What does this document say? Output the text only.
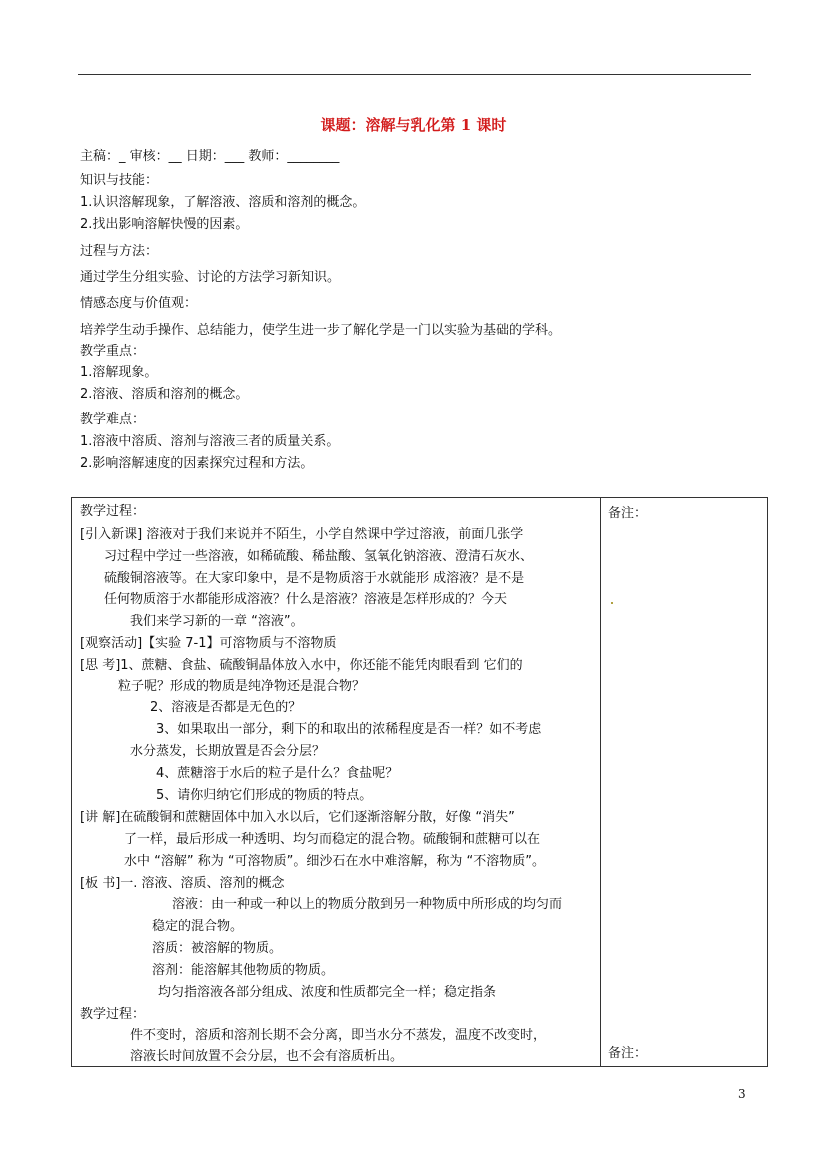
课题：溶解与乳化第 1 课时
主稿：_ 审核：__ 日期：___ 教师：________
知识与技能：
1.认识溶解现象，了解溶液、溶质和溶剂的概念。
2.找出影响溶解快慢的因素。
过程与方法：
通过学生分组实验、讨论的方法学习新知识。
情感态度与价值观：
培养学生动手操作、总结能力，使学生进一步了解化学是一门以实验为基础的学科。
教学重点：
1.溶解现象。
2.溶液、溶质和溶剂的概念。
教学难点：
1.溶液中溶质、溶剂与溶液三者的质量关系。
2.影响溶解速度的因素探究过程和方法。
教学过程：
[引入新课] 溶液对于我们来说并不陌生，小学自然课中学过溶液，前面几张学
习过程中学过一些溶液，如稀硫酸、稀盐酸、氢氧化钠溶液、澄清石灰水、
硫酸铜溶液等。在大家印象中，是不是物质溶于水就能形 成溶液？是不是
任何物质溶于水都能形成溶液？什么是溶液？溶液是怎样形成的？今天
我们来学习新的一章 “溶液”。
[观察活动]【实验 7-1】可溶物质与不溶物质
[思 考]1、蔗糖、食盐、硫酸铜晶体放入水中，你还能不能凭肉眼看到 它们的
粒子呢？形成的物质是纯净物还是混合物？
2、溶液是否都是无色的？
3、如果取出一部分，剩下的和取出的浓稀程度是否一样？如不考虑
水分蒸发，长期放置是否会分层？
4、蔗糖溶于水后的粒子是什么？食盐呢？
5、请你归纳它们形成的物质的特点。
[讲 解]在硫酸铜和蔗糖固体中加入水以后，它们逐渐溶解分散，好像 “消失”
了一样，最后形成一种透明、均匀而稳定的混合物。硫酸铜和蔗糖可以在
水中 “溶解” 称为 “可溶物质”。细沙石在水中难溶解，称为 “不溶物质”。
[板 书]一. 溶液、溶质、溶剂的概念
溶液：由一种或一种以上的物质分散到另一种物质中所形成的均匀而
稳定的混合物。
溶质：被溶解的物质。
溶剂：能溶解其他物质的物质。
均匀指溶液各部分组成、浓度和性质都完全一样；稳定指条
教学过程：
件不变时，溶质和溶剂长期不会分离，即当水分不蒸发，温度不改变时，
溶液长时间放置不会分层，也不会有溶质析出。
备注：
备注：
3
